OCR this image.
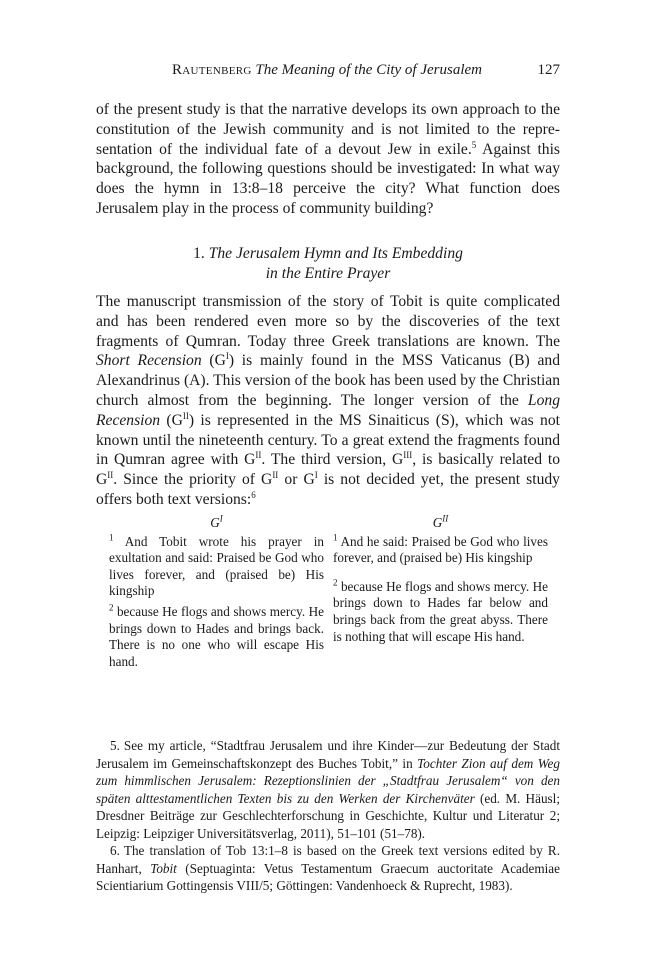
Rautenberg The Meaning of the City of Jerusalem	127
of the present study is that the narrative develops its own approach to the constitution of the Jewish community and is not limited to the representation of the individual fate of a devout Jew in exile.$^5$ Against this background, the following questions should be investigated: In what way does the hymn in 13:8–18 perceive the city? What function does Jerusalem play in the process of community building?
1. The Jerusalem Hymn and Its Embedding
in the Entire Prayer
The manuscript transmission of the story of Tobit is quite complicated and has been rendered even more so by the discoveries of the text fragments of Qumran. Today three Greek translations are known. The Short Recension $(G^I)$ is mainly found in the MSS Vaticanus (B) and Alexandrinus (A). This version of the book has been used by the Christian church almost from the beginning. The longer version of the Long Recension $(G^{II})$ is represented in the MS Sinaiticus (S), which was not known until the nineteenth century. To a great extend the fragments found in Qumran agree with $G^{II}$. The third version, $G^{III}$, is basically related to $G^{II}$. Since the priority of $G^{II}$ or $G^I$ is not decided yet, the present study offers both text versions:$^6$
$G^I$

$^1$ And Tobit wrote his prayer in exultation and said: Praised be God who lives forever, and (praised be) His kingship

$^2$ because He flogs and shows mercy. He brings down to Hades and brings back. There is no one who will escape His hand.

$G^{II}$

$^1$ And he said: Praised be God who lives forever, and (praised be) His kingship

$^2$ because He flogs and shows mercy. He brings down to Hades far below and brings back from the great abyss. There is nothing that will escape His hand.

5. See my article, “Stadtfrau Jerusalem und ihre Kinder—zur Bedeutung der Stadt Jerusalem im Gemeinschaftskonzept des Buches Tobit,” in Tochter Zion auf dem Weg zum himmlischen Jerusalem: Rezeptionslinien der „Stadtfrau Jerusalem“ von den späten alttestamentlichen Texten bis zu den Werken der Kirchenväter (ed. M. Häusl; Dresdner Beiträge zur Geschlechterforschung in Geschichte, Kultur und Literatur 2; Leipzig: Leipziger Universitätsverlag, 2011), 51–101 (51–78).

6. The translation of Tob 13:1–8 is based on the Greek text versions edited by R. Hanhart, Tobit (Septuaginta: Vetus Testamentum Graecum auctoritate Academiae Scientiarium Gottingensis VIII/5; Göttingen: Vandenhoeck & Ruprecht, 1983).
